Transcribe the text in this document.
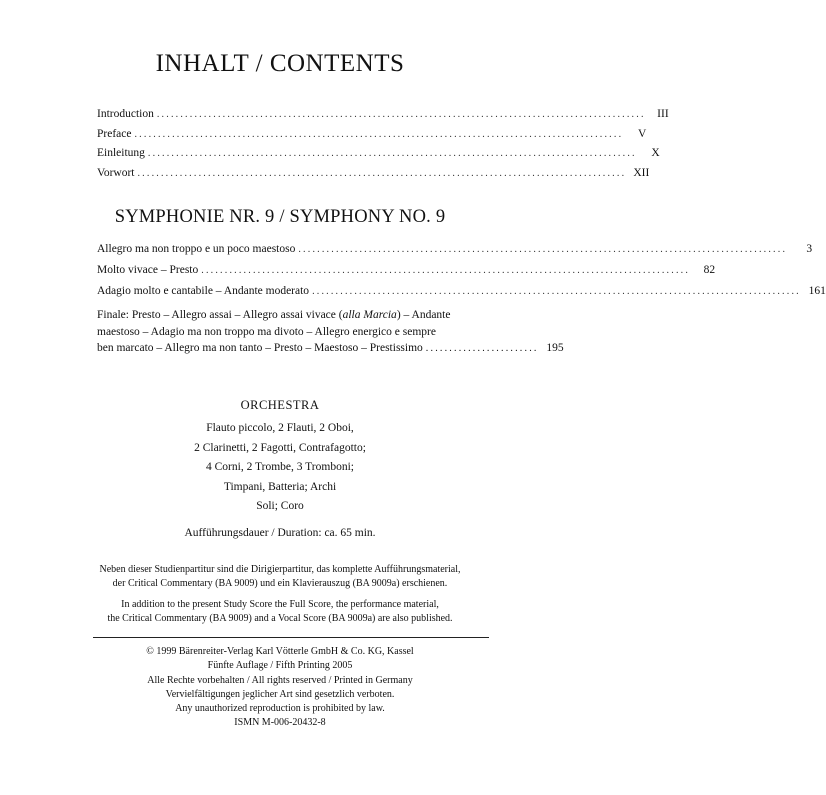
INHALT / CONTENTS
Introduction ........................................................................................................	III
Preface ........................................................................................................	V
Einleitung ........................................................................................................	X
Vorwort ........................................................................................................ XII
SYMPHONIE NR. 9 / SYMPHONY NO. 9
Allegro ma non troppo e un poco maestoso ........................................................................................................	3
Molto vivace – Presto ........................................................................................................	82
Adagio molto e cantabile – Andante moderato ........................................................................................................ 161
Finale: Presto – Allegro assai – Allegro assai vivace ( alla Marcia ) – Andante
maestoso – Adagio ma non troppo ma divoto – Allegro energico e sempre
ben marcato – Allegro ma non tanto – Presto – Maestoso – Prestissimo ........................ 195
ORCHESTRA
Flauto piccolo, 2 Flauti, 2 Oboi,
2 Clarinetti, 2 Fagotti, Contrafagotto;
4 Corni, 2 Trombe, 3 Tromboni;
Timpani, Batteria; Archi
Soli; Coro
Aufführungsdauer / Duration: ca. 65 min.
Neben dieser Studienpartitur sind die Dirigierpartitur, das komplette Aufführungsmaterial,
der Critical Commentary (BA 9009) und ein Klavierauszug (BA 9009a) erschienen.
In addition to the present Study Score the Full Score, the performance material,
the Critical Commentary (BA 9009) and a Vocal Score (BA 9009a) are also published.
© 1999 Bärenreiter-Verlag Karl Vötterle GmbH & Co. KG, Kassel
Fünfte Auflage / Fifth Printing 2005
Alle Rechte vorbehalten / All rights reserved / Printed in Germany
Vervielfältigungen jeglicher Art sind gesetzlich verboten.
Any unauthorized reproduction is prohibited by law.
ISMN M-006-20432-8
